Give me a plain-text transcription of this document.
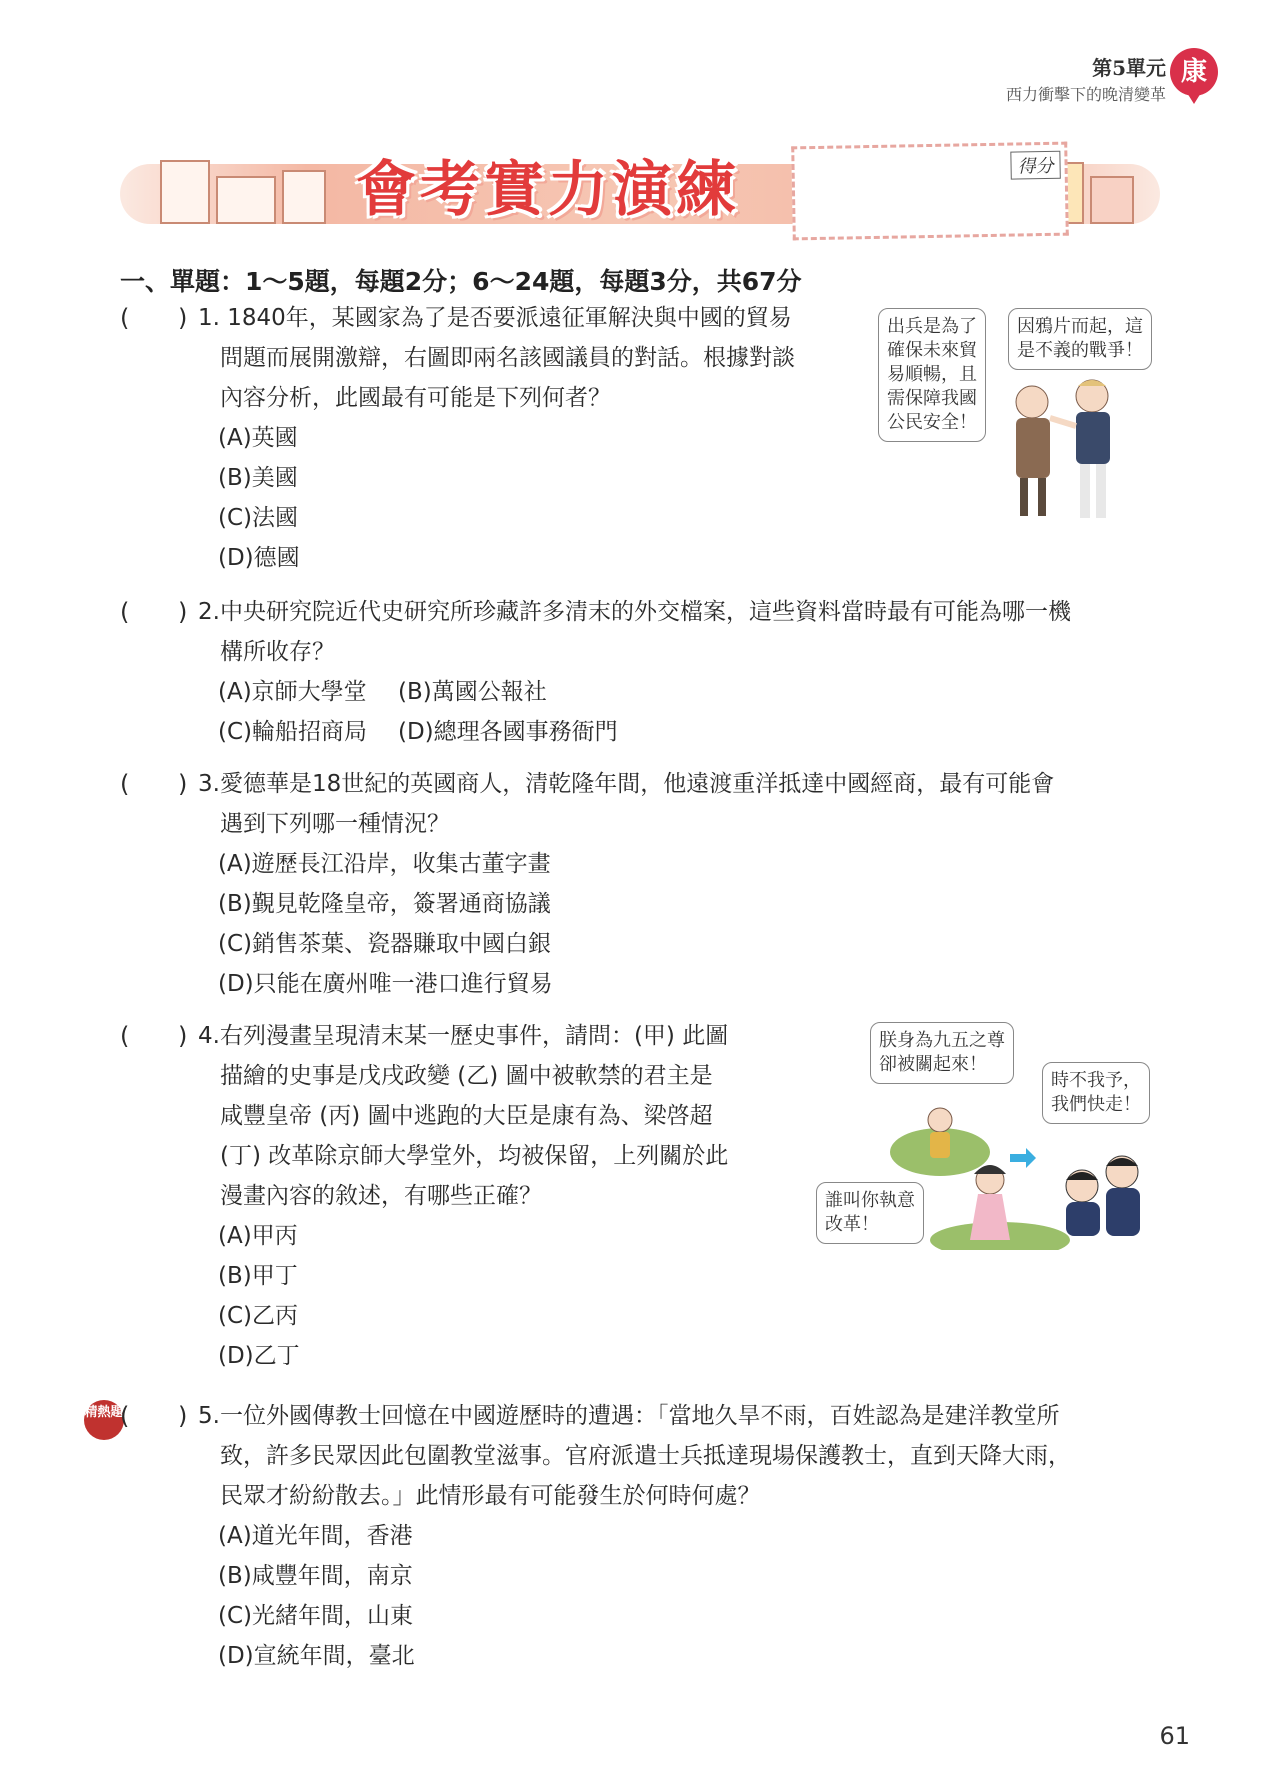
第5單元
西力衝擊下的晚清變革
康
會考實力演練	得分
一、單題：1～5題，每題2分；6～24題，每題3分，共67分
( ) 1. 1840年，某國家為了是否要派遠征軍解決與中國的貿易
問題而展開激辯，右圖即兩名該國議員的對話。根據對談
內容分析，此國最有可能是下列何者？
(A)英國
(B)美國
(C)法國
(D)德國
出兵是為了
確保未來貿
易順暢，且
需保障我國
公民安全！
因鴉片而起，這
是不義的戰爭！
( ) 2.中央研究院近代史研究所珍藏許多清末的外交檔案，這些資料當時最有可能為哪一機
構所收存？
(A)京師大學堂 (B)萬國公報社
(C)輪船招商局 (D)總理各國事務衙門
( ) 3.愛德華是18世紀的英國商人，清乾隆年間，他遠渡重洋抵達中國經商，最有可能會
遇到下列哪一種情況？
(A)遊歷長江沿岸，收集古董字畫
(B)覲見乾隆皇帝，簽署通商協議
(C)銷售茶葉、瓷器賺取中國白銀
(D)只能在廣州唯一港口進行貿易
( ) 4.右列漫畫呈現清末某一歷史事件，請問：(甲) 此圖
描繪的史事是戊戌政變 (乙) 圖中被軟禁的君主是
咸豐皇帝 (丙) 圖中逃跑的大臣是康有為、梁啓超
(丁) 改革除京師大學堂外，均被保留，上列關於此
漫畫內容的敘述，有哪些正確？
(A)甲丙
(B)甲丁
(C)乙丙
(D)乙丁
朕身為九五之尊
卻被關起來！
時不我予，
我們快走！
誰叫你執意
改革！
精熱題
( ) 5.一位外國傳教士回憶在中國遊歷時的遭遇：「當地久旱不雨，百姓認為是建洋教堂所
致，許多民眾因此包圍教堂滋事。官府派遣士兵抵達現場保護教士，直到天降大雨，
民眾才紛紛散去。」此情形最有可能發生於何時何處？
(A)道光年間，香港
(B)咸豐年間，南京
(C)光緒年間，山東
(D)宣統年間，臺北
61
